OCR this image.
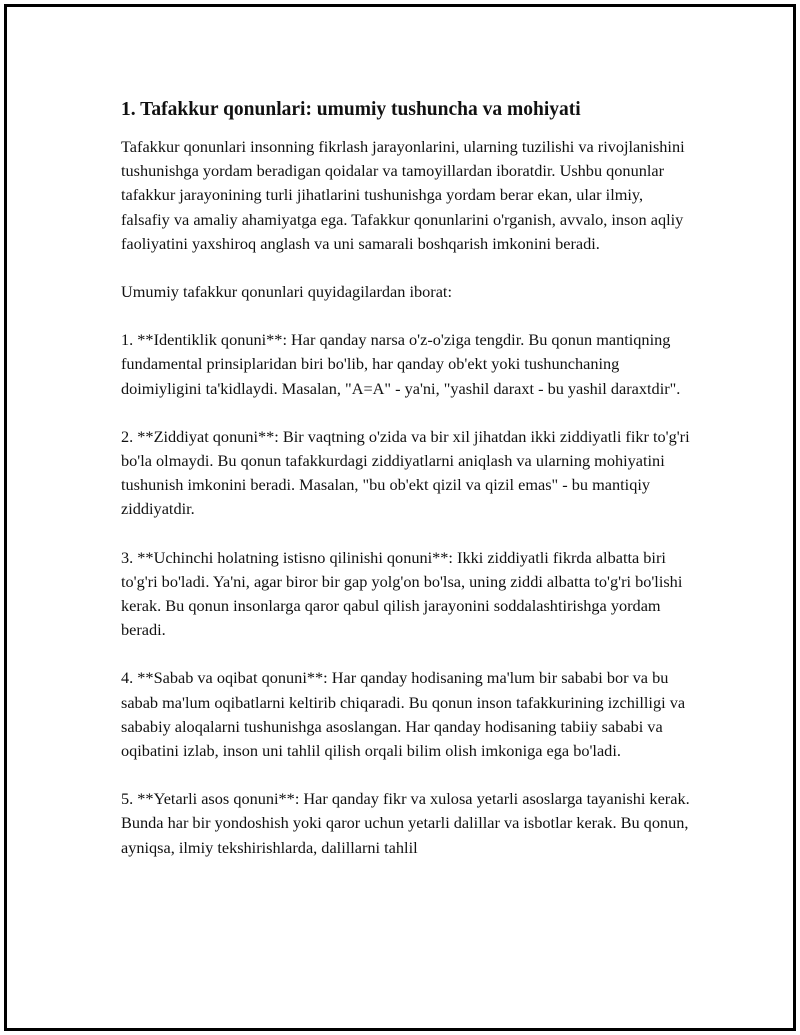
1. Tafakkur qonunlari: umumiy tushuncha va mohiyati

Tafakkur qonunlari insonning fikrlash jarayonlarini, ularning tuzilishi va rivojlanishini tushunishga yordam beradigan qoidalar va tamoyillardan iboratdir. Ushbu qonunlar tafakkur jarayonining turli jihatlarini tushunishga yordam berar ekan, ular ilmiy, falsafiy va amaliy ahamiyatga ega. Tafakkur qonunlarini o'rganish, avvalo, inson aqliy faoliyatini yaxshiroq anglash va uni samarali boshqarish imkonini beradi.

Umumiy tafakkur qonunlari quyidagilardan iborat:

1. **Identiklik qonuni**: Har qanday narsa o'z-o'ziga tengdir. Bu qonun mantiqning fundamental prinsiplaridan biri bo'lib, har qanday ob'ekt yoki tushunchaning doimiyligini ta'kidlaydi. Masalan, "A=A" - ya'ni, "yashil daraxt - bu yashil daraxtdir".

2. **Ziddiyat qonuni**: Bir vaqtning o'zida va bir xil jihatdan ikki ziddiyatli fikr to'g'ri bo'la olmaydi. Bu qonun tafakkurdagi ziddiyatlarni aniqlash va ularning mohiyatini tushunish imkonini beradi. Masalan, "bu ob'ekt qizil va qizil emas" - bu mantiqiy ziddiyatdir.

3. **Uchinchi holatning istisno qilinishi qonuni**: Ikki ziddiyatli fikrda albatta biri to'g'ri bo'ladi. Ya'ni, agar biror bir gap yolg'on bo'lsa, uning ziddi albatta to'g'ri bo'lishi kerak. Bu qonun insonlarga qaror qabul qilish jarayonini soddalashtirishga yordam beradi.

4. **Sabab va oqibat qonuni**: Har qanday hodisaning ma'lum bir sababi bor va bu sabab ma'lum oqibatlarni keltirib chiqaradi. Bu qonun inson tafakkurining izchilligi va sababiy aloqalarni tushunishga asoslangan. Har qanday hodisaning tabiiy sababi va oqibatini izlab, inson uni tahlil qilish orqali bilim olish imkoniga ega bo'ladi.

5. **Yetarli asos qonuni**: Har qanday fikr va xulosa yetarli asoslarga tayanishi kerak. Bunda har bir yondoshish yoki qaror uchun yetarli dalillar va isbotlar kerak. Bu qonun, ayniqsa, ilmiy tekshirishlarda, dalillarni tahlil
